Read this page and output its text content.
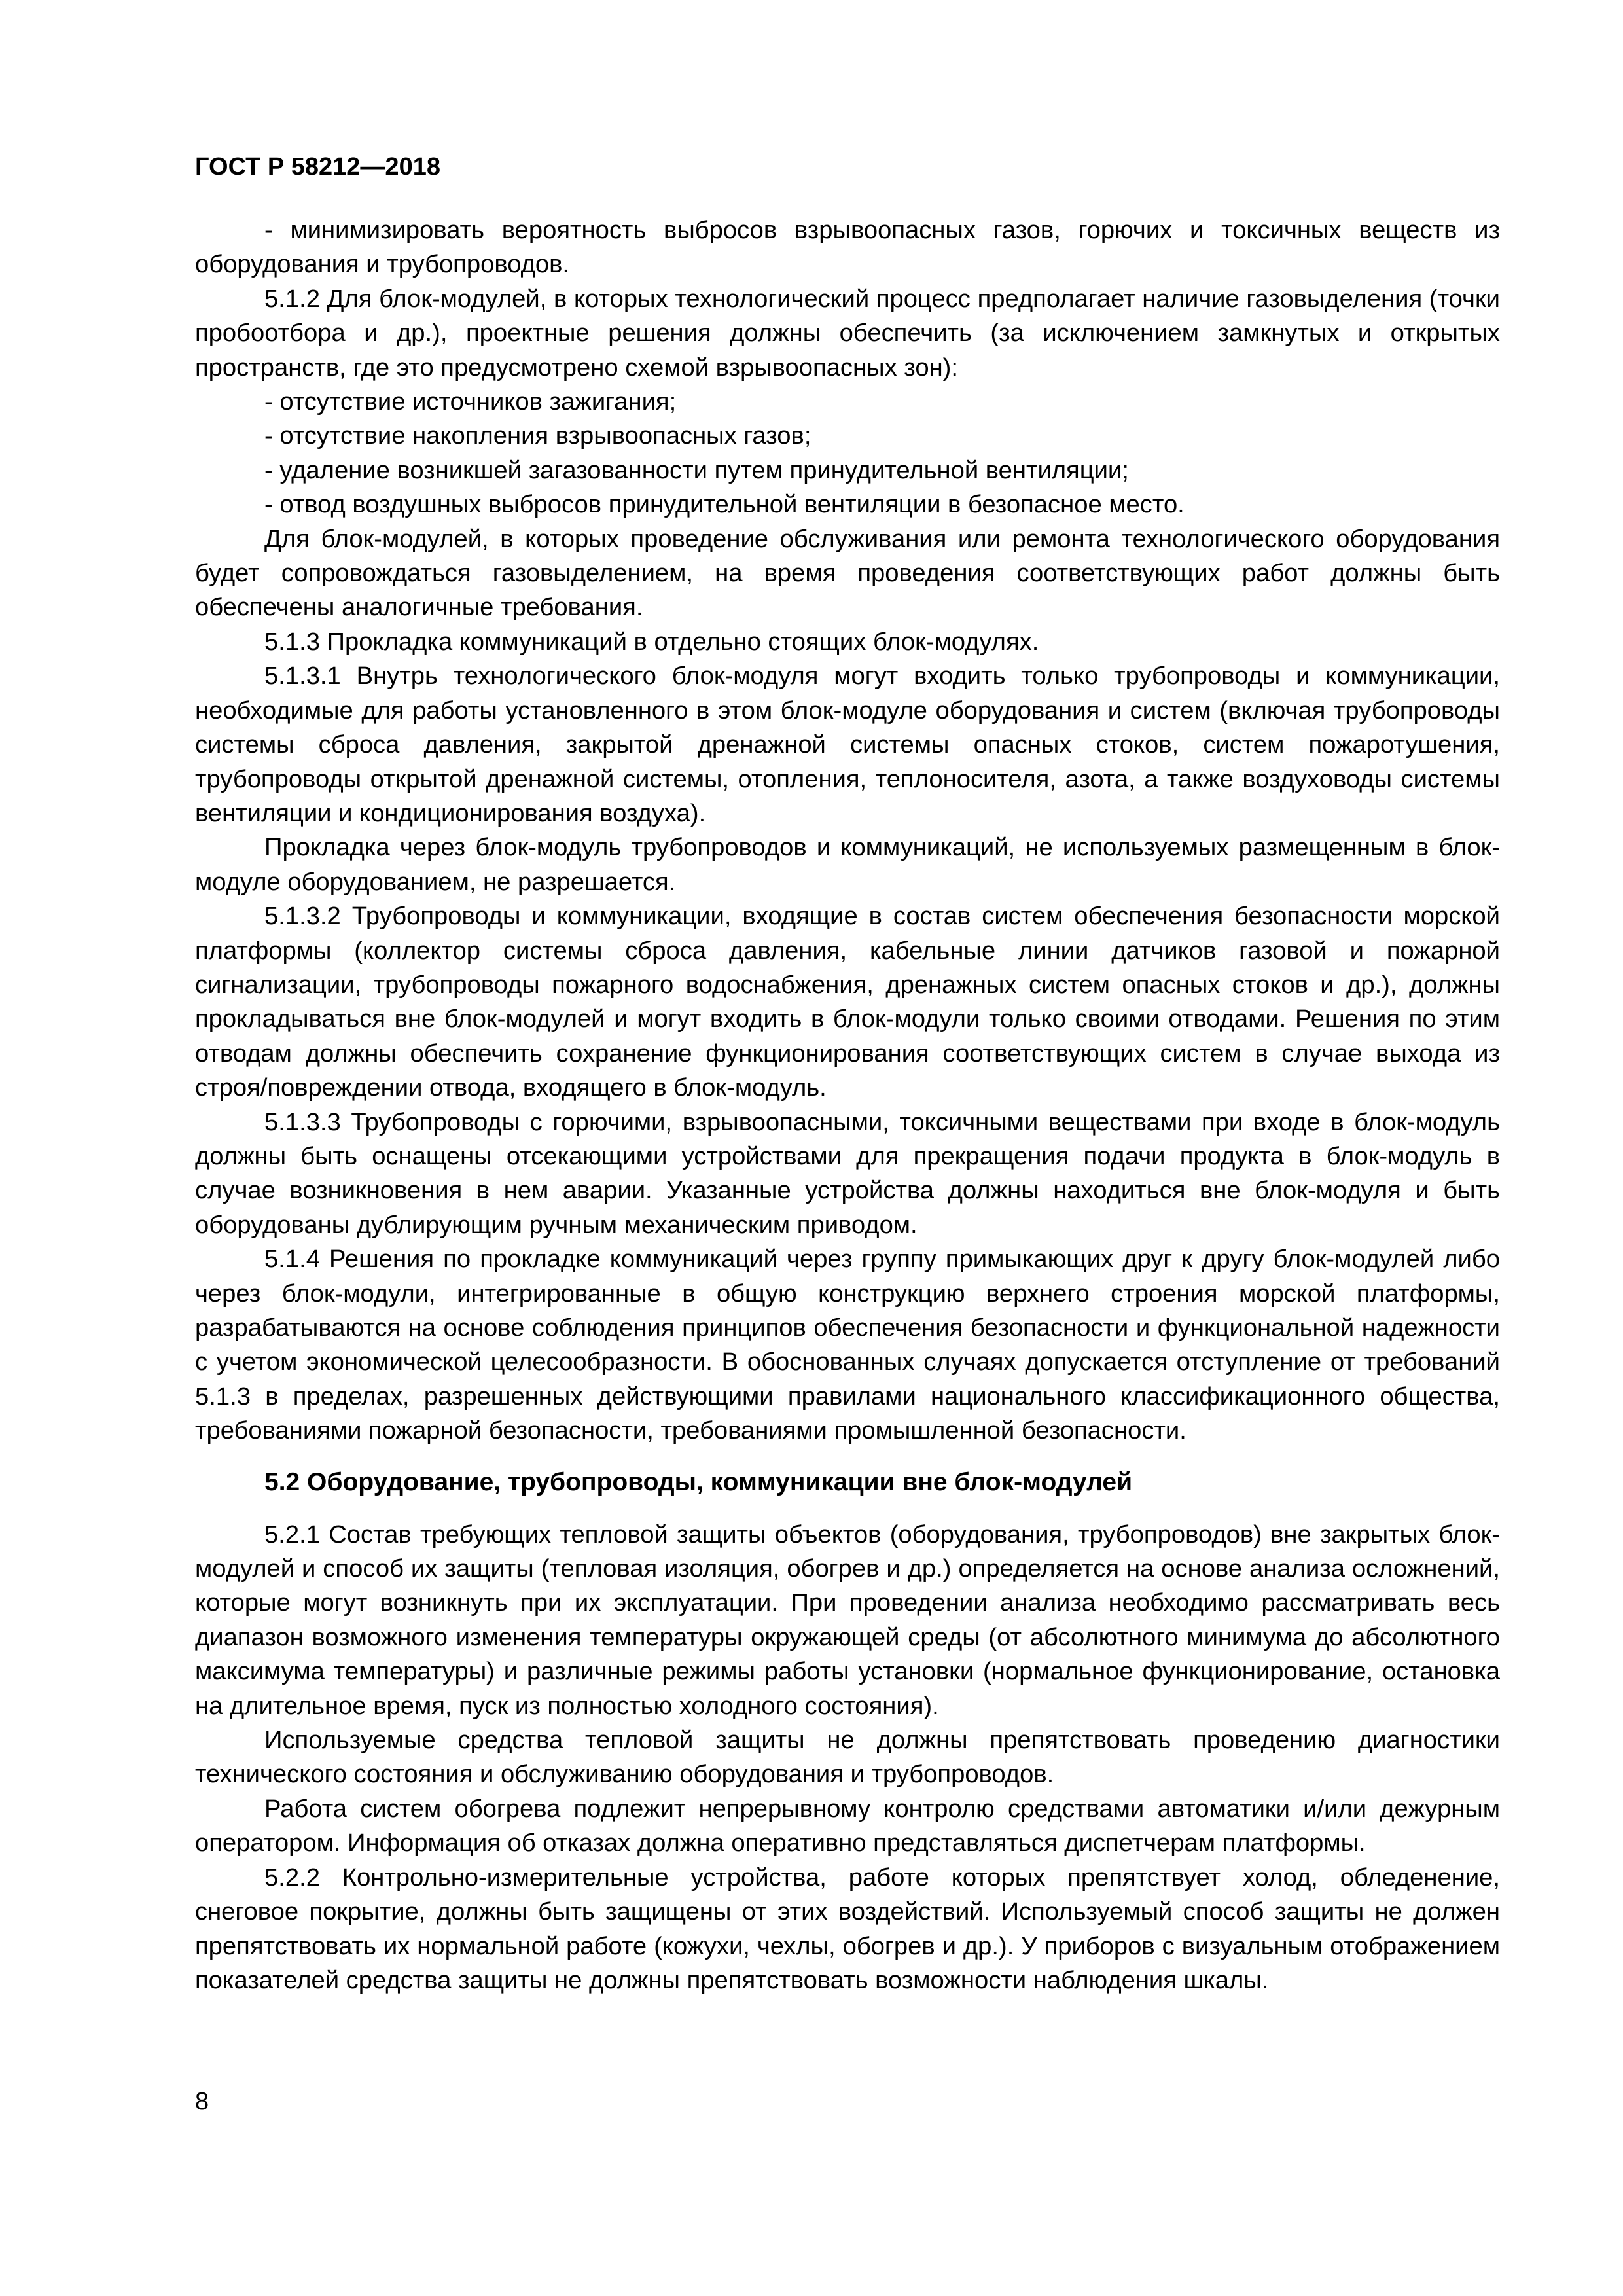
ГОСТ Р 58212—2018

- минимизировать вероятность выбросов взрывоопасных газов, горючих и токсичных веществ из оборудования и трубопроводов.

5.1.2 Для блок-модулей, в которых технологический процесс предполагает наличие газовыделения (точки пробоотбора и др.), проектные решения должны обеспечить (за исключением замкнутых и открытых пространств, где это предусмотрено схемой взрывоопасных зон):

- отсутствие источников зажигания;

- отсутствие накопления взрывоопасных газов;

- удаление возникшей загазованности путем принудительной вентиляции;

- отвод воздушных выбросов принудительной вентиляции в безопасное место.

Для блок-модулей, в которых проведение обслуживания или ремонта технологического оборудования будет сопровождаться газовыделением, на время проведения соответствующих работ должны быть обеспечены аналогичные требования.

5.1.3 Прокладка коммуникаций в отдельно стоящих блок-модулях.

5.1.3.1 Внутрь технологического блок-модуля могут входить только трубопроводы и коммуникации, необходимые для работы установленного в этом блок-модуле оборудования и систем (включая трубопроводы системы сброса давления, закрытой дренажной системы опасных стоков, систем пожаротушения, трубопроводы открытой дренажной системы, отопления, теплоносителя, азота, а также воздуховоды системы вентиляции и кондиционирования воздуха).

Прокладка через блок-модуль трубопроводов и коммуникаций, не используемых размещенным в блок-модуле оборудованием, не разрешается.

5.1.3.2 Трубопроводы и коммуникации, входящие в состав систем обеспечения безопасности морской платформы (коллектор системы сброса давления, кабельные линии датчиков газовой и пожарной сигнализации, трубопроводы пожарного водоснабжения, дренажных систем опасных стоков и др.), должны прокладываться вне блок-модулей и могут входить в блок-модули только своими отводами. Решения по этим отводам должны обеспечить сохранение функционирования соответствующих систем в случае выхода из строя/повреждении отвода, входящего в блок-модуль.

5.1.3.3 Трубопроводы с горючими, взрывоопасными, токсичными веществами при входе в блок-модуль должны быть оснащены отсекающими устройствами для прекращения подачи продукта в блок-модуль в случае возникновения в нем аварии. Указанные устройства должны находиться вне блок-модуля и быть оборудованы дублирующим ручным механическим приводом.

5.1.4 Решения по прокладке коммуникаций через группу примыкающих друг к другу блок-модулей либо через блок-модули, интегрированные в общую конструкцию верхнего строения морской платформы, разрабатываются на основе соблюдения принципов обеспечения безопасности и функциональной надежности с учетом экономической целесообразности. В обоснованных случаях допускается отступление от требований 5.1.3 в пределах, разрешенных действующими правилами национального классификационного общества, требованиями пожарной безопасности, требованиями промышленной безопасности.

5.2 Оборудование, трубопроводы, коммуникации вне блок-модулей

5.2.1 Состав требующих тепловой защиты объектов (оборудования, трубопроводов) вне закрытых блок-модулей и способ их защиты (тепловая изоляция, обогрев и др.) определяется на основе анализа осложнений, которые могут возникнуть при их эксплуатации. При проведении анализа необходимо рассматривать весь диапазон возможного изменения температуры окружающей среды (от абсолютного минимума до абсолютного максимума температуры) и различные режимы работы установки (нормальное функционирование, остановка на длительное время, пуск из полностью холодного состояния).

Используемые средства тепловой защиты не должны препятствовать проведению диагностики технического состояния и обслуживанию оборудования и трубопроводов.

Работа систем обогрева подлежит непрерывному контролю средствами автоматики и/или дежурным оператором. Информация об отказах должна оперативно представляться диспетчерам платформы.

5.2.2 Контрольно-измерительные устройства, работе которых препятствует холод, обледенение, снеговое покрытие, должны быть защищены от этих воздействий. Используемый способ защиты не должен препятствовать их нормальной работе (кожухи, чехлы, обогрев и др.). У приборов с визуальным отображением показателей средства защиты не должны препятствовать возможности наблюдения шкалы.

8
